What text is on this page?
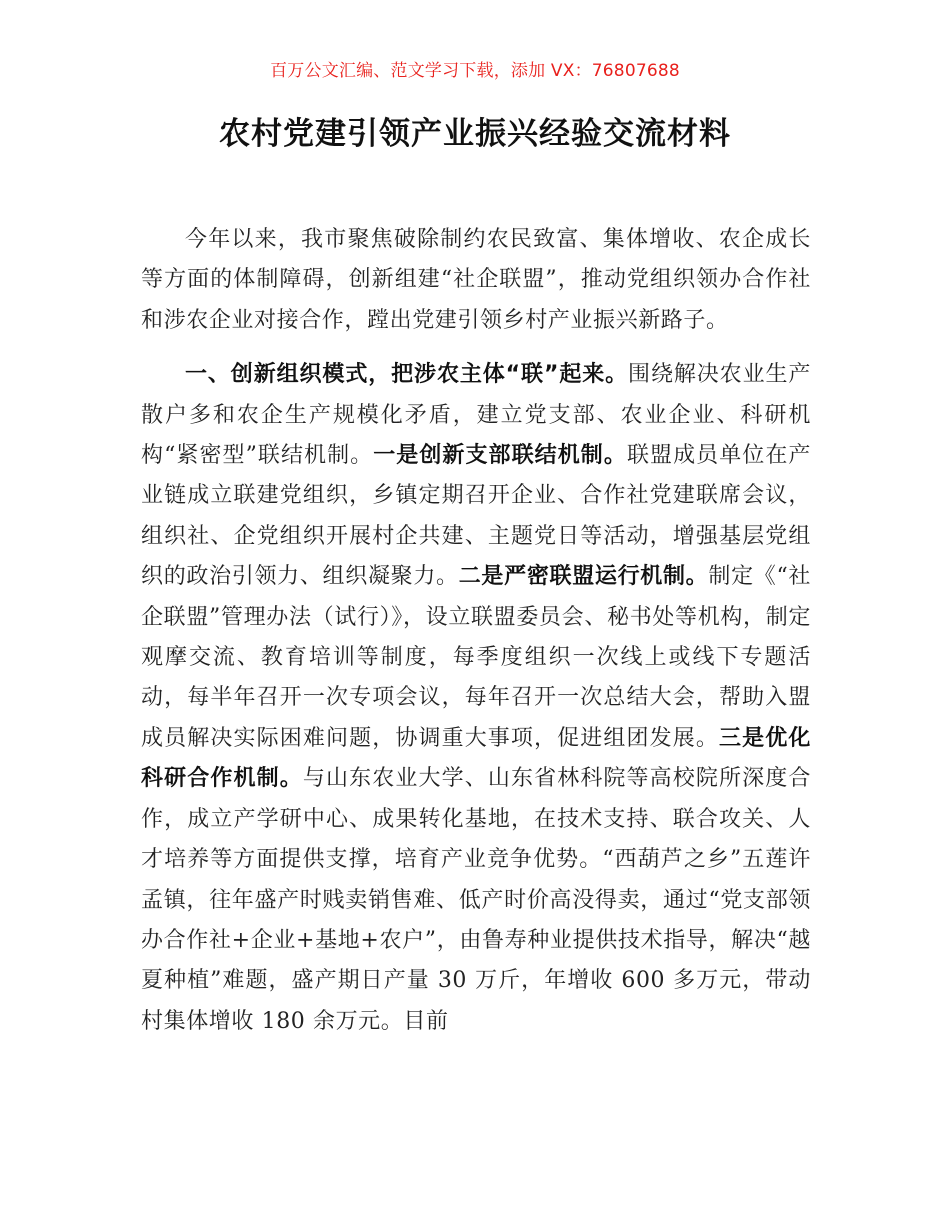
百万公文汇编、范文学习下载，添加 VX：76807688
农村党建引领产业振兴经验交流材料

今年以来，我市聚焦破除制约农民致富、集体增收、农企成长等方面的体制障碍，创新组建“社企联盟”，推动党组织领办合作社和涉农企业对接合作，蹚出党建引领乡村产业振兴新路子。

一、创新组织模式，把涉农主体“联”起来。围绕解决农业生产散户多和农企生产规模化矛盾，建立党支部、农业企业、科研机构“紧密型”联结机制。一是创新支部联结机制。联盟成员单位在产业链成立联建党组织，乡镇定期召开企业、合作社党建联席会议，组织社、企党组织开展村企共建、主题党日等活动，增强基层党组织的政治引领力、组织凝聚力。二是严密联盟运行机制。制定《“社企联盟”管理办法（试行）》，设立联盟委员会、秘书处等机构，制定观摩交流、教育培训等制度，每季度组织一次线上或线下专题活动，每半年召开一次专项会议，每年召开一次总结大会，帮助入盟成员解决实际困难问题，协调重大事项，促进组团发展。三是优化科研合作机制。与山东农业大学、山东省林科院等高校院所深度合作，成立产学研中心、成果转化基地，在技术支持、联合攻关、人才培养等方面提供支撑，培育产业竞争优势。“西葫芦之乡”五莲许孟镇，往年盛产时贱卖销售难、低产时价高没得卖，通过“党支部领办合作社+企业+基地+农户”，由鲁寿种业提供技术指导，解决“越夏种植”难题，盛产期日产量 30 万斤，年增收 600 多万元，带动村集体增收 180 余万元。目前
